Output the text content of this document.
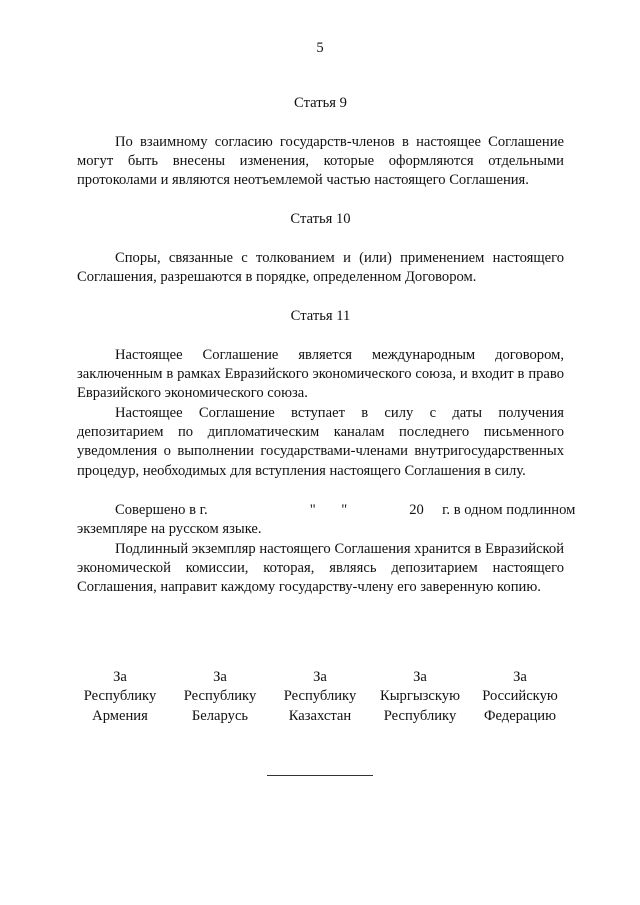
5

Статья 9

По взаимному согласию государств-членов в настоящее Соглашение могут быть внесены изменения, которые оформляются отдельными протоколами и являются неотъемлемой частью настоящего Соглашения.

Статья 10

Споры, связанные с толкованием и (или) применением настоящего Соглашения, разрешаются в порядке, определенном Договором.

Статья 11

Настоящее Соглашение является международным договором, заключенным в рамках Евразийского экономического союза, и входит в право Евразийского экономического союза.

Настоящее Соглашение вступает в силу с даты получения депозитарием по дипломатическим каналам последнего письменного уведомления о выполнении государствами-членами внутригосударственных процедур, необходимых для вступления настоящего Соглашения в силу.

Совершено в г.                            "       "                 20     г. в одном подлинном

экземпляре на русском языке.

Подлинный экземпляр настоящего Соглашения хранится в Евразийской экономической комиссии, которая, являясь депозитарием настоящего Соглашения, направит каждому государству-члену его заверенную копию.

За
Республику
Армения
За
Республику
Беларусь
За
Республику
Казахстан
За
Кыргызскую
Республику
За
Российскую
Федерацию
